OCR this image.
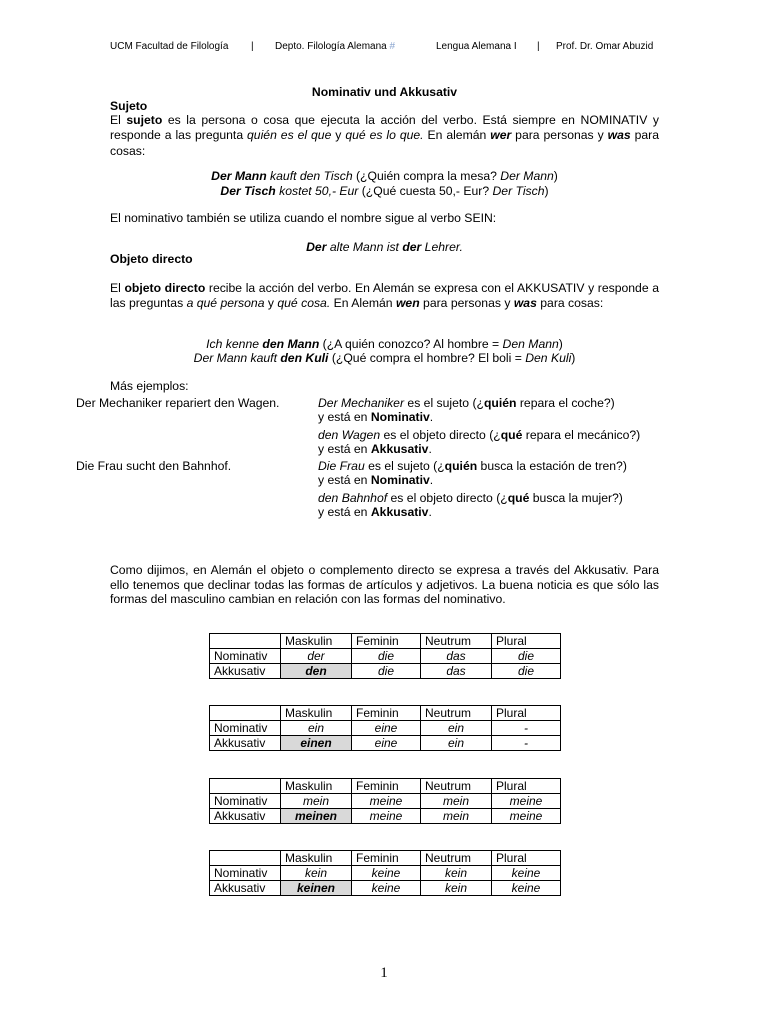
UCM Facultad de Filología | Depto. Filología Alemana #	Lengua Alemana I | Prof. Dr. Omar Abuzid
Nominativ und Akkusativ
Sujeto
El sujeto es la persona o cosa que ejecuta la acción del verbo. Está siempre en NOMINATIV y responde a las pregunta quién es el que y qué es lo que. En alemán wer para personas y was para cosas:
Der Mann kauft den Tisch (¿Quién compra la mesa? Der Mann)
Der Tisch kostet 50,- Eur (¿Qué cuesta 50,- Eur? Der Tisch)
El nominativo también se utiliza cuando el nombre sigue al verbo SEIN:
Der alte Mann ist der Lehrer.
Objeto directo
El objeto directo recibe la acción del verbo. En Alemán se expresa con el AKKUSATIV y responde a las preguntas a qué persona y qué cosa. En Alemán wen para personas y was para cosas:
Ich kenne den Mann (¿A quién conozco? Al hombre = Den Mann)
Der Mann kauft den Kuli (¿Qué compra el hombre? El boli = Den Kuli)
Más ejemplos:
Der Mechaniker repariert den Wagen.	Der Mechaniker es el sujeto (¿quién repara el coche?)
y está en Nominativ.
den Wagen es el objeto directo (¿qué repara el mecánico?)
y está en Akkusativ.
Die Frau sucht den Bahnhof.	Die Frau es el sujeto (¿quién busca la estación de tren?)
y está en Nominativ.
den Bahnhof es el objeto directo (¿qué busca la mujer?)
y está en Akkusativ.
Como dijimos, en Alemán el objeto o complemento directo se expresa a través del Akkusativ. Para ello tenemos que declinar todas las formas de artículos y adjetivos. La buena noticia es que sólo las formas del masculino cambian en relación con las formas del nominativo.
	Maskulin	Feminin	Neutrum	Plural
Nominativ	der	die	das	die
Akkusativ	den	die	das	die
	Maskulin	Feminin	Neutrum	Plural
Nominativ	ein	eine	ein	-
Akkusativ	einen	eine	ein	-
	Maskulin	Feminin	Neutrum	Plural
Nominativ	mein	meine	mein	meine
Akkusativ	meinen	meine	mein	meine
	Maskulin	Feminin	Neutrum	Plural
Nominativ	kein	keine	kein	keine
Akkusativ	keinen	keine	kein	keine
1
